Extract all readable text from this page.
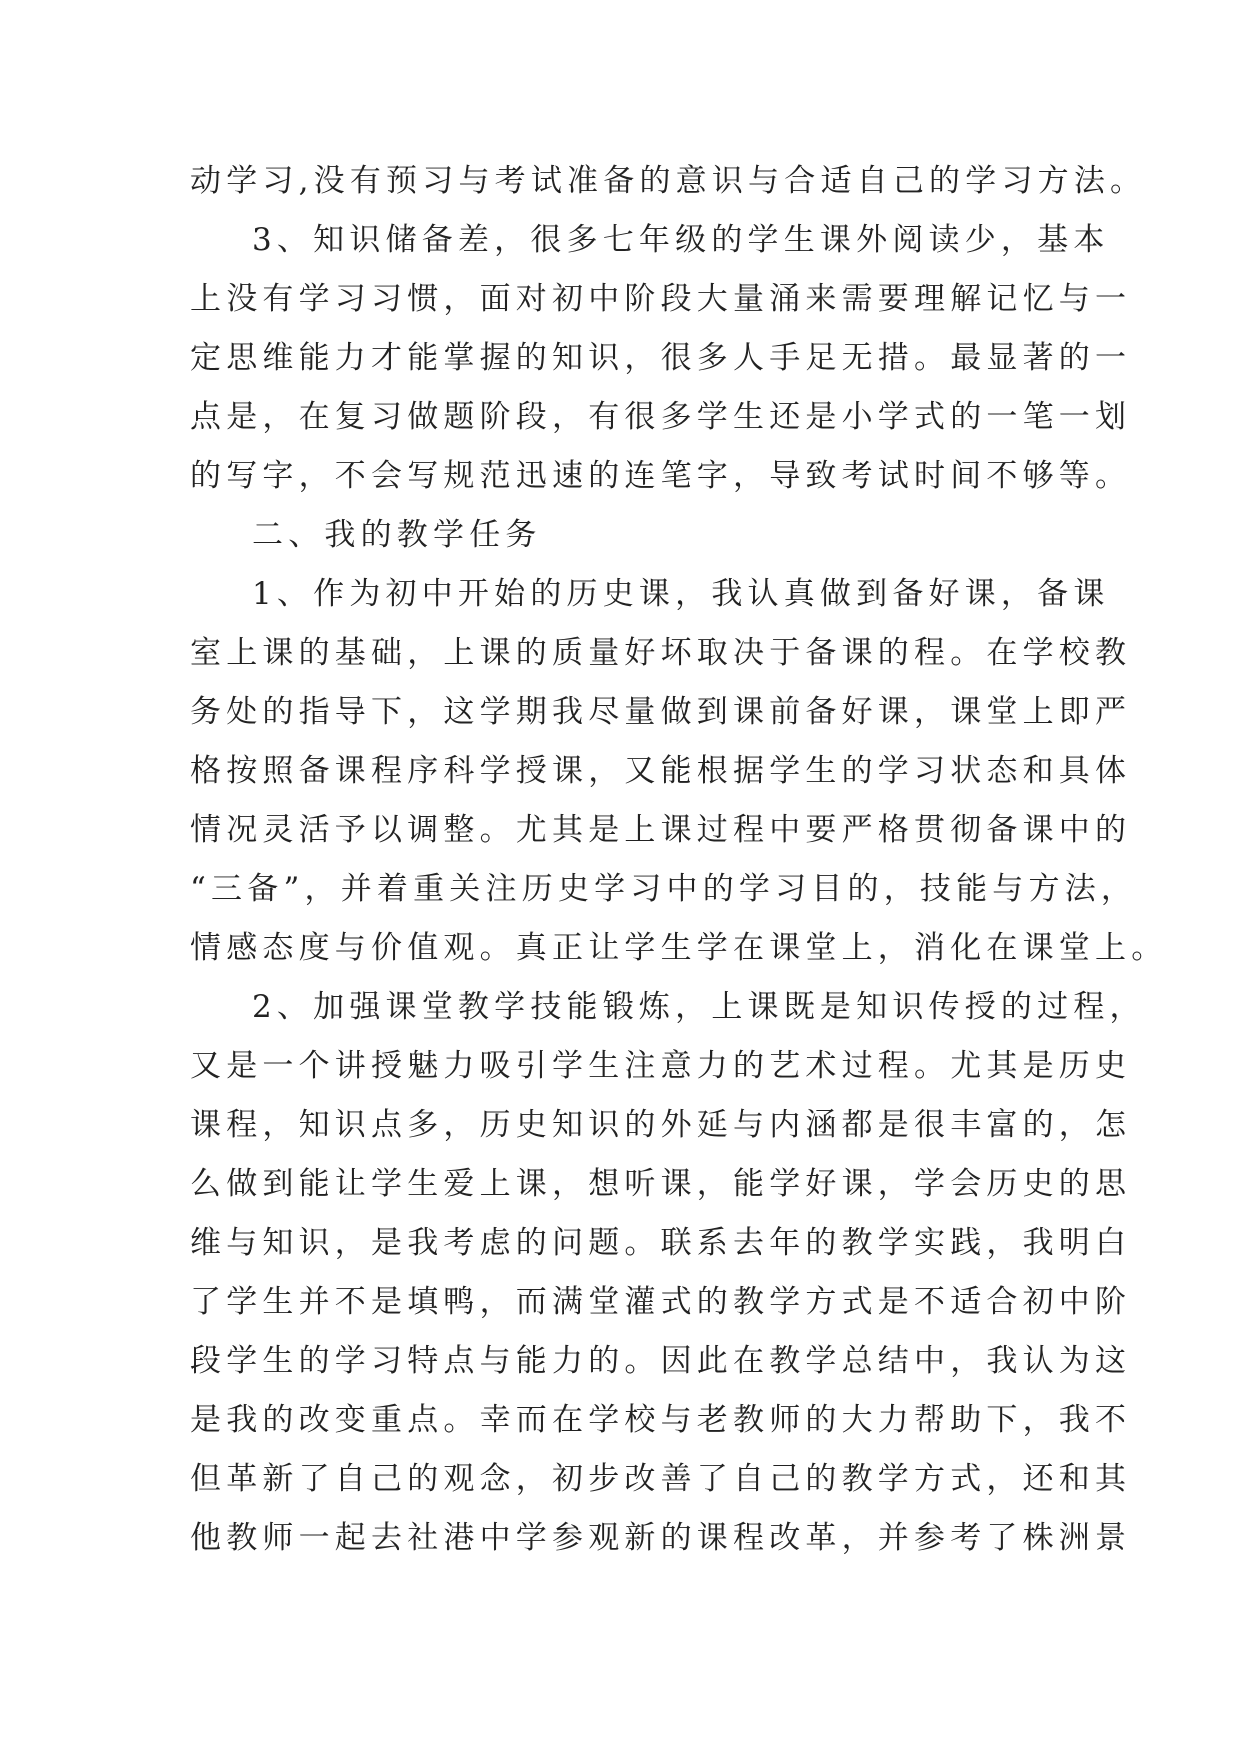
动学习,没有预习与考试准备的意识与合适自己的学习方法。
3、知识储备差，很多七年级的学生课外阅读少，基本
上没有学习习惯，面对初中阶段大量涌来需要理解记忆与一
定思维能力才能掌握的知识，很多人手足无措。最显著的一
点是，在复习做题阶段，有很多学生还是小学式的一笔一划
的写字，不会写规范迅速的连笔字，导致考试时间不够等。
二、我的教学任务
1、作为初中开始的历史课，我认真做到备好课，备课
室上课的基础，上课的质量好坏取决于备课的程。在学校教
务处的指导下，这学期我尽量做到课前备好课，课堂上即严
格按照备课程序科学授课，又能根据学生的学习状态和具体
情况灵活予以调整。尤其是上课过程中要严格贯彻备课中的
“三备”，并着重关注历史学习中的学习目的，技能与方法，
情感态度与价值观。真正让学生学在课堂上，消化在课堂上。
2、加强课堂教学技能锻炼，上课既是知识传授的过程，
又是一个讲授魅力吸引学生注意力的艺术过程。尤其是历史
课程，知识点多，历史知识的外延与内涵都是很丰富的，怎
么做到能让学生爱上课，想听课，能学好课，学会历史的思
维与知识，是我考虑的问题。联系去年的教学实践，我明白
了学生并不是填鸭，而满堂灌式的教学方式是不适合初中阶
段学生的学习特点与能力的。因此在教学总结中，我认为这
是我的改变重点。幸而在学校与老教师的大力帮助下，我不
但革新了自己的观念，初步改善了自己的教学方式，还和其
他教师一起去社港中学参观新的课程改革，并参考了株洲景
